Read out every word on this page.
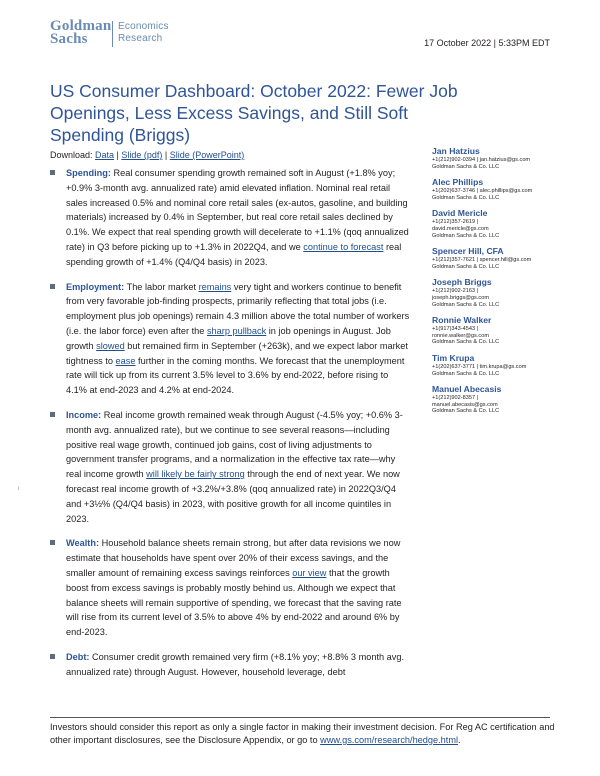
Goldman
Sachs
Economics
Research	17 October 2022 | 5:33PM EDT
US Consumer Dashboard: October 2022: Fewer Job Openings, Less Excess Savings, and Still Soft Spending (Briggs)
Download: Data | Slide (pdf) | Slide (PowerPoint)
Spending: Real consumer spending growth remained soft in August (+1.8% yoy; +0.9% 3-month avg. annualized rate) amid elevated inflation. Nominal real retail sales increased 0.5% and nominal core retail sales (ex-autos, gasoline, and building materials) increased by 0.4% in September, but real core retail sales declined by 0.1%. We expect that real spending growth will decelerate to +1.1% (qoq annualized rate) in Q3 before picking up to +1.3% in 2022Q4, and we continue to forecast real spending growth of +1.4% (Q4/Q4 basis) in 2023.
Employment: The labor market remains very tight and workers continue to benefit from very favorable job-finding prospects, primarily reflecting that total jobs (i.e. employment plus job openings) remain 4.3 million above the total number of workers (i.e. the labor force) even after the sharp pullback in job openings in August. Job growth slowed but remained firm in September (+263k), and we expect labor market tightness to ease further in the coming months. We forecast that the unemployment rate will tick up from its current 3.5% level to 3.6% by end-2022, before rising to 4.1% at end-2023 and 4.2% at end-2024.
Income: Real income growth remained weak through August (-4.5% yoy; +0.6% 3-month avg. annualized rate), but we continue to see several reasons—including positive real wage growth, continued job gains, cost of living adjustments to government transfer programs, and a normalization in the effective tax rate—why real income growth will likely be fairly strong through the end of next year. We now forecast real income growth of +3.2%/+3.8% (qoq annualized rate) in 2022Q3/Q4 and +3½% (Q4/Q4 basis) in 2023, with positive growth for all income quintiles in 2023.
Wealth: Household balance sheets remain strong, but after data revisions we now estimate that households have spent over 20% of their excess savings, and the smaller amount of remaining excess savings reinforces our view that the growth boost from excess savings is probably mostly behind us. Although we expect that balance sheets will remain supportive of spending, we forecast that the saving rate will rise from its current level of 3.5% to above 4% by end-2022 and around 6% by end-2023.
Debt: Consumer credit growth remained very firm (+8.1% yoy; +8.8% 3 month avg. annualized rate) through August. However, household leverage, debt
Jan Hatzius
+1(212)902-0394 | jan.hatzius@gs.com
Goldman Sachs & Co. LLC
Alec Phillips
+1(202)637-3746 | alec.phillips@gs.com
Goldman Sachs & Co. LLC
David Mericle
+1(212)357-2619 |
david.mericle@gs.com
Goldman Sachs & Co. LLC
Spencer Hill, CFA
+1(212)357-7621 | spencer.hill@gs.com
Goldman Sachs & Co. LLC
Joseph Briggs
+1(212)902-2163 |
joseph.briggs@gs.com
Goldman Sachs & Co. LLC
Ronnie Walker
+1(917)343-4543 |
ronnie.walker@gs.com
Goldman Sachs & Co. LLC
Tim Krupa
+1(202)637-3771 | tim.krupa@gs.com
Goldman Sachs & Co. LLC
Manuel Abecasis
+1(212)902-8357 |
manuel.abecasis@gs.com
Goldman Sachs & Co. LLC
i
Investors should consider this report as only a single factor in making their investment decision. For Reg AC certification and other important disclosures, see the Disclosure Appendix, or go to www.gs.com/research/hedge.html.
